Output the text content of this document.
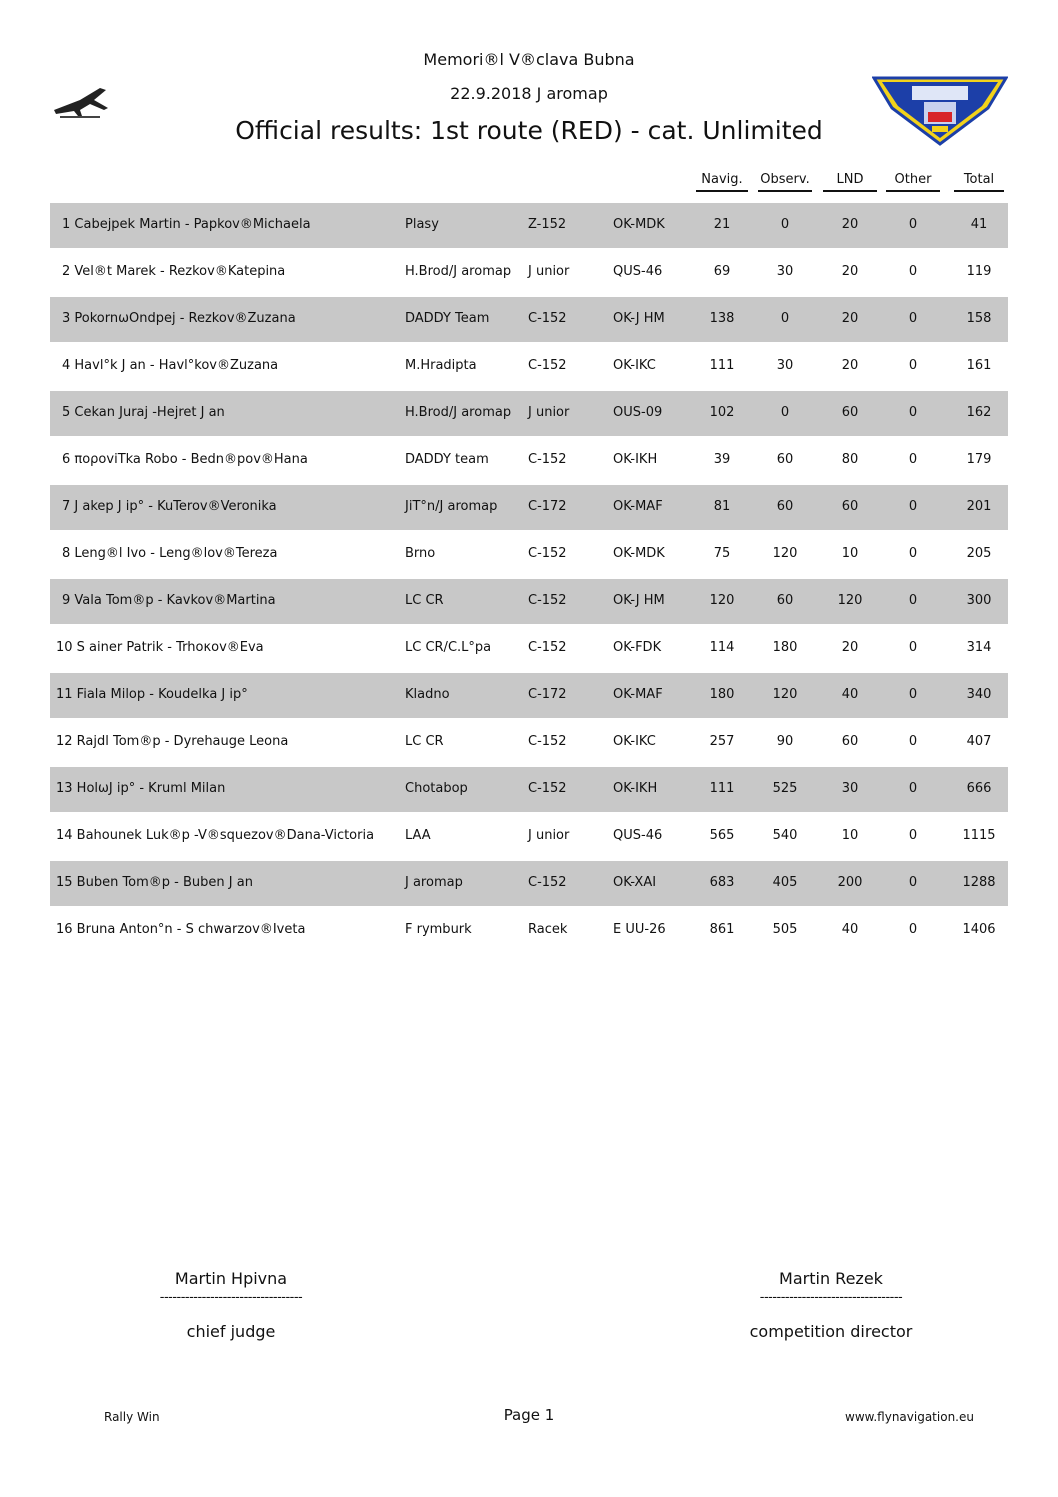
Memori®l V®clava Bubna
22.9.2018 J aromap
Official results: 1st route (RED) - cat. Unlimited
Navig.	Observ.	LND	Other	Total
1 Cabejpek Martin - Papkov®Michaela	Plasy	Z-152	OK-MDK	21	0	20	0	41
2 Vel®t Marek - Rezkov®Katepina	H.Brod/J aromap	J unior	QUS-46	69	30	20	0	119
3 PokornωOndpej - Rezkov®Zuzana	DADDY Team	C-152	OK-J HM	138	0	20	0	158
4 Havl°k J an - Havl°kov®Zuzana	M.Hradipta	C-152	OK-IKC	111	30	20	0	161
5 Cekan Juraj -Hejret J an	H.Brod/J aromap	J unior	OUS-09	102	0	60	0	162
6 πoροviTka Robo - Bedn®pov®Hana	DADDY team	C-152	OK-IKH	39	60	80	0	179
7 J akep J ip° - KuTerov®Veronika	JiT°n/J aromap	C-172	OK-MAF	81	60	60	0	201
8 Leng®l Ivo - Leng®lov®Tereza	Brno	C-152	OK-MDK	75	120	10	0	205
9 Vala Tom®p - Kavkov®Martina	LC CR	C-152	OK-J HM	120	60	120	0	300
10 S ainer Patrik - Trhoκov®Eva	LC CR/C.L°pa	C-152	OK-FDK	114	180	20	0	314
11 Fiala Milop - Koudelka J ip°	Kladno	C-172	OK-MAF	180	120	40	0	340
12 Rajdl Tom®p - Dyrehauge Leona	LC CR	C-152	OK-IKC	257	90	60	0	407
13 HolωJ ip° - Kruml Milan	Chotabop	C-152	OK-IKH	111	525	30	0	666
14 Bahounek Luk®p -V®squezov®Dana-Victoria	LAA	J unior	QUS-46	565	540	10	0	1115
15 Buben Tom®p - Buben J an	J aromap	C-152	OK-XAI	683	405	200	0	1288
16 Bruna Anton°n - S chwarzov®Iveta	F rymburk	Racek	E UU-26	861	505	40	0	1406
Martin Hpivna
----------------------------------
chief judge
Martin Rezek
----------------------------------
competition director
Rally Win	Page 1	www.flynavigation.eu
